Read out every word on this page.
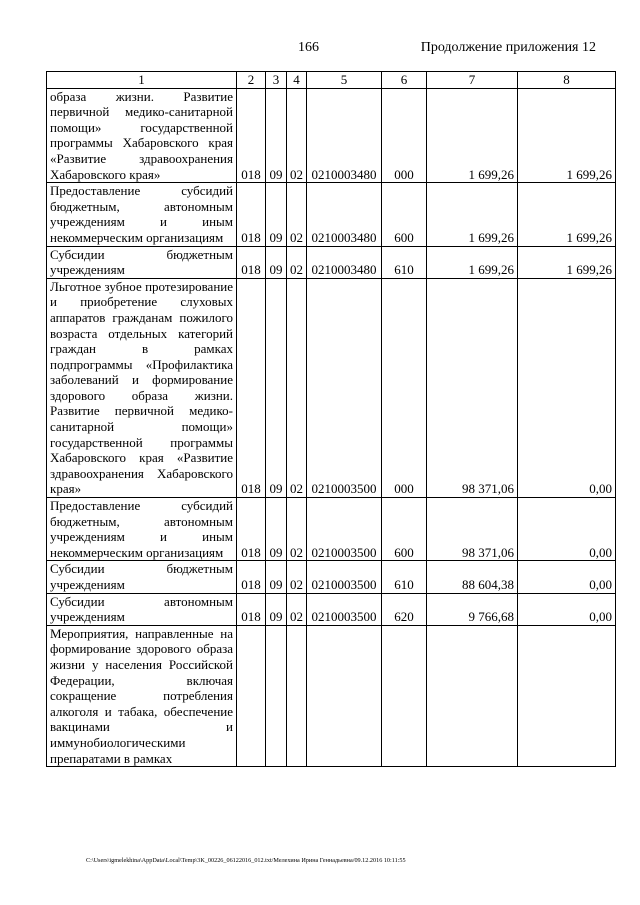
166	Продолжение приложения 12
1	2	3	4	5	6	7	8
образа жизни. Развитие первичной медико-санитарной помощи» государственной программы Хабаровского края «Развитие здравоохранения Хабаровского края»	018	09	02	0210003480	000	1 699,26	1 699,26
Предоставление субсидий бюджетным, автономным учреждениям и иным некоммерческим организациям	018	09	02	0210003480	600	1 699,26	1 699,26
Субсидии бюджетным учреждениям	018	09	02	0210003480	610	1 699,26	1 699,26
Льготное зубное протезирование и приобретение слуховых аппаратов гражданам пожилого возраста отдельных категорий граждан в рамках подпрограммы «Профилактика заболеваний и формирование здорового образа жизни. Развитие первичной медико-санитарной помощи» государственной программы Хабаровского края «Развитие здравоохранения Хабаровского края»	018	09	02	0210003500	000	98 371,06	0,00
Предоставление субсидий бюджетным, автономным учреждениям и иным некоммерческим организациям	018	09	02	0210003500	600	98 371,06	0,00
Субсидии бюджетным учреждениям	018	09	02	0210003500	610	88 604,38	0,00
Субсидии автономным учреждениям	018	09	02	0210003500	620	9 766,68	0,00
Мероприятия, направленные на формирование здорового образа жизни у населения Российской Федерации, включая сокращение потребления алкоголя и табака, обеспечение вакцинами и иммунобиологическими препаратами в рамках							
C:\Users\igmelekhina\AppData\Local\Temp\3K_00226_06122016_012.txt/Мелехина Ирина Геннадьевна/09.12.2016 10:11:55
